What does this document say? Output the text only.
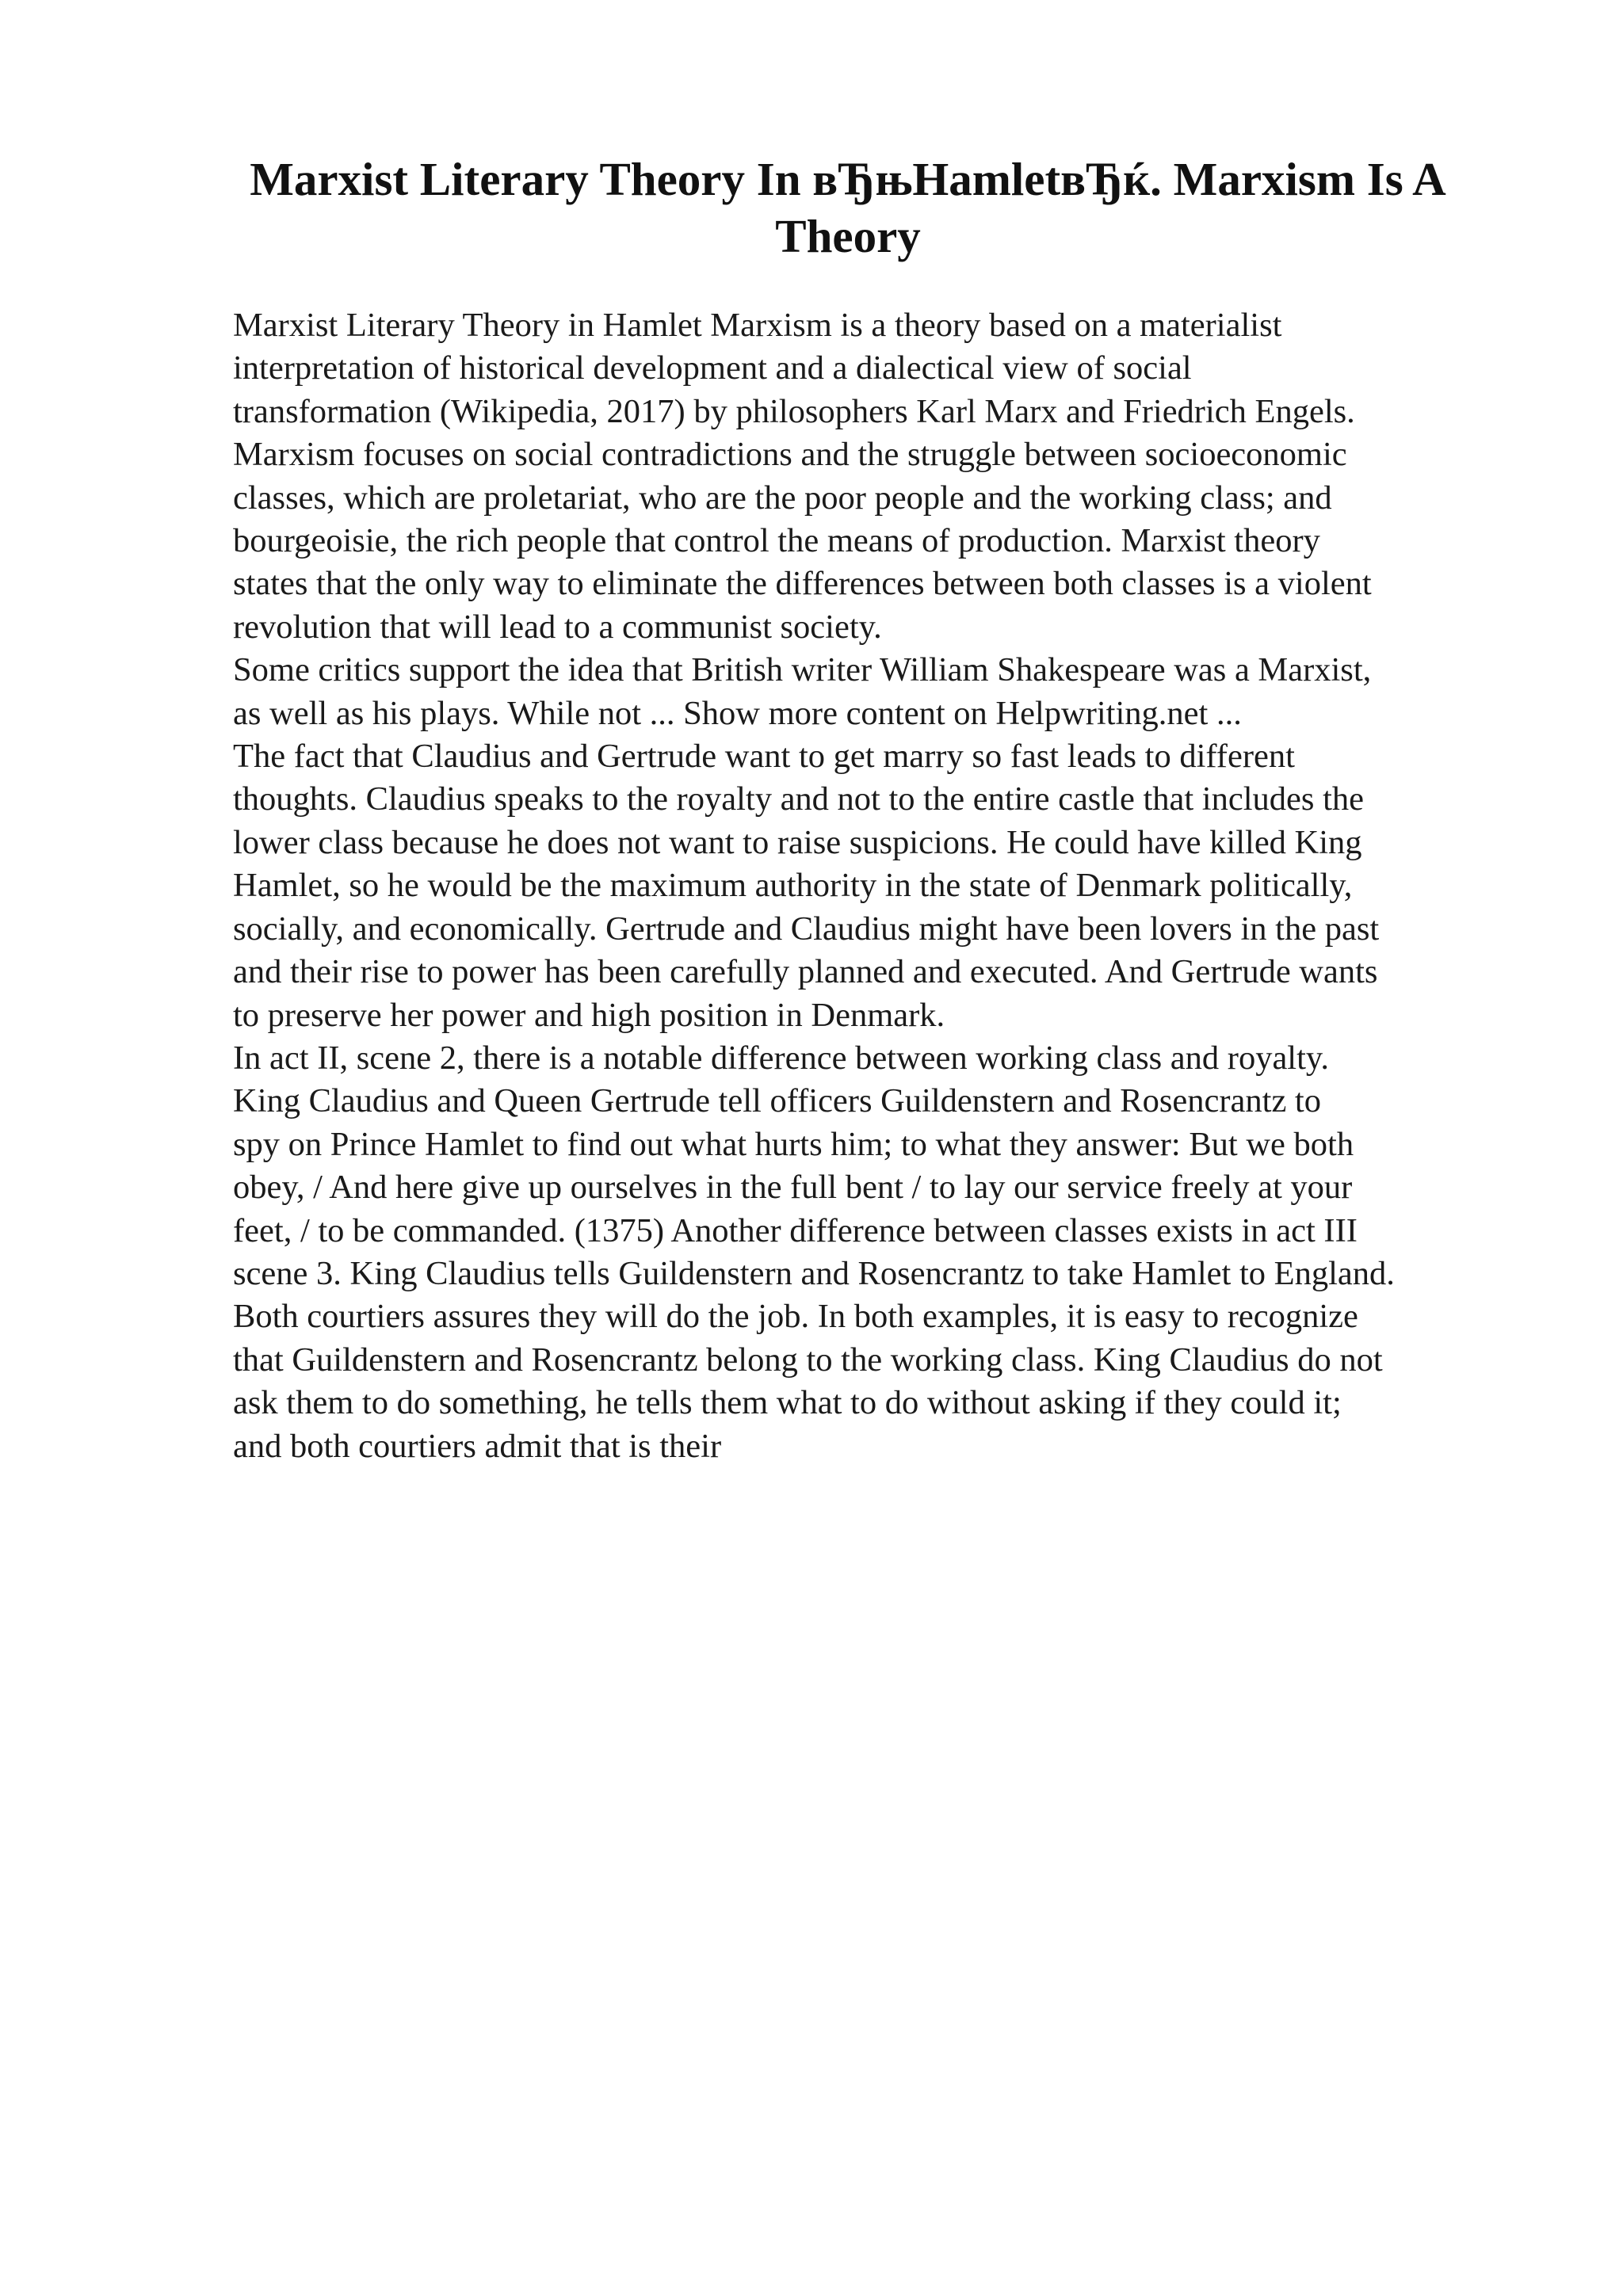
Marxist Literary Theory In вЂњHamletвЂќ. Marxism Is A
Theory
Marxist Literary Theory in Hamlet Marxism is a theory based on a materialist
interpretation of historical development and a dialectical view of social
transformation (Wikipedia, 2017) by philosophers Karl Marx and Friedrich Engels.
Marxism focuses on social contradictions and the struggle between socioeconomic
classes, which are proletariat, who are the poor people and the working class; and
bourgeoisie, the rich people that control the means of production. Marxist theory
states that the only way to eliminate the differences between both classes is a violent
revolution that will lead to a communist society.
Some critics support the idea that British writer William Shakespeare was a Marxist,
as well as his plays. While not ... Show more content on Helpwriting.net ...
The fact that Claudius and Gertrude want to get marry so fast leads to different
thoughts. Claudius speaks to the royalty and not to the entire castle that includes the
lower class because he does not want to raise suspicions. He could have killed King
Hamlet, so he would be the maximum authority in the state of Denmark politically,
socially, and economically. Gertrude and Claudius might have been lovers in the past
and their rise to power has been carefully planned and executed. And Gertrude wants
to preserve her power and high position in Denmark.
In act II, scene 2, there is a notable difference between working class and royalty.
King Claudius and Queen Gertrude tell officers Guildenstern and Rosencrantz to
spy on Prince Hamlet to find out what hurts him; to what they answer: But we both
obey, / And here give up ourselves in the full bent / to lay our service freely at your
feet, / to be commanded. (1375) Another difference between classes exists in act III
scene 3. King Claudius tells Guildenstern and Rosencrantz to take Hamlet to England.
Both courtiers assures they will do the job. In both examples, it is easy to recognize
that Guildenstern and Rosencrantz belong to the working class. King Claudius do not
ask them to do something, he tells them what to do without asking if they could it;
and both courtiers admit that is their
